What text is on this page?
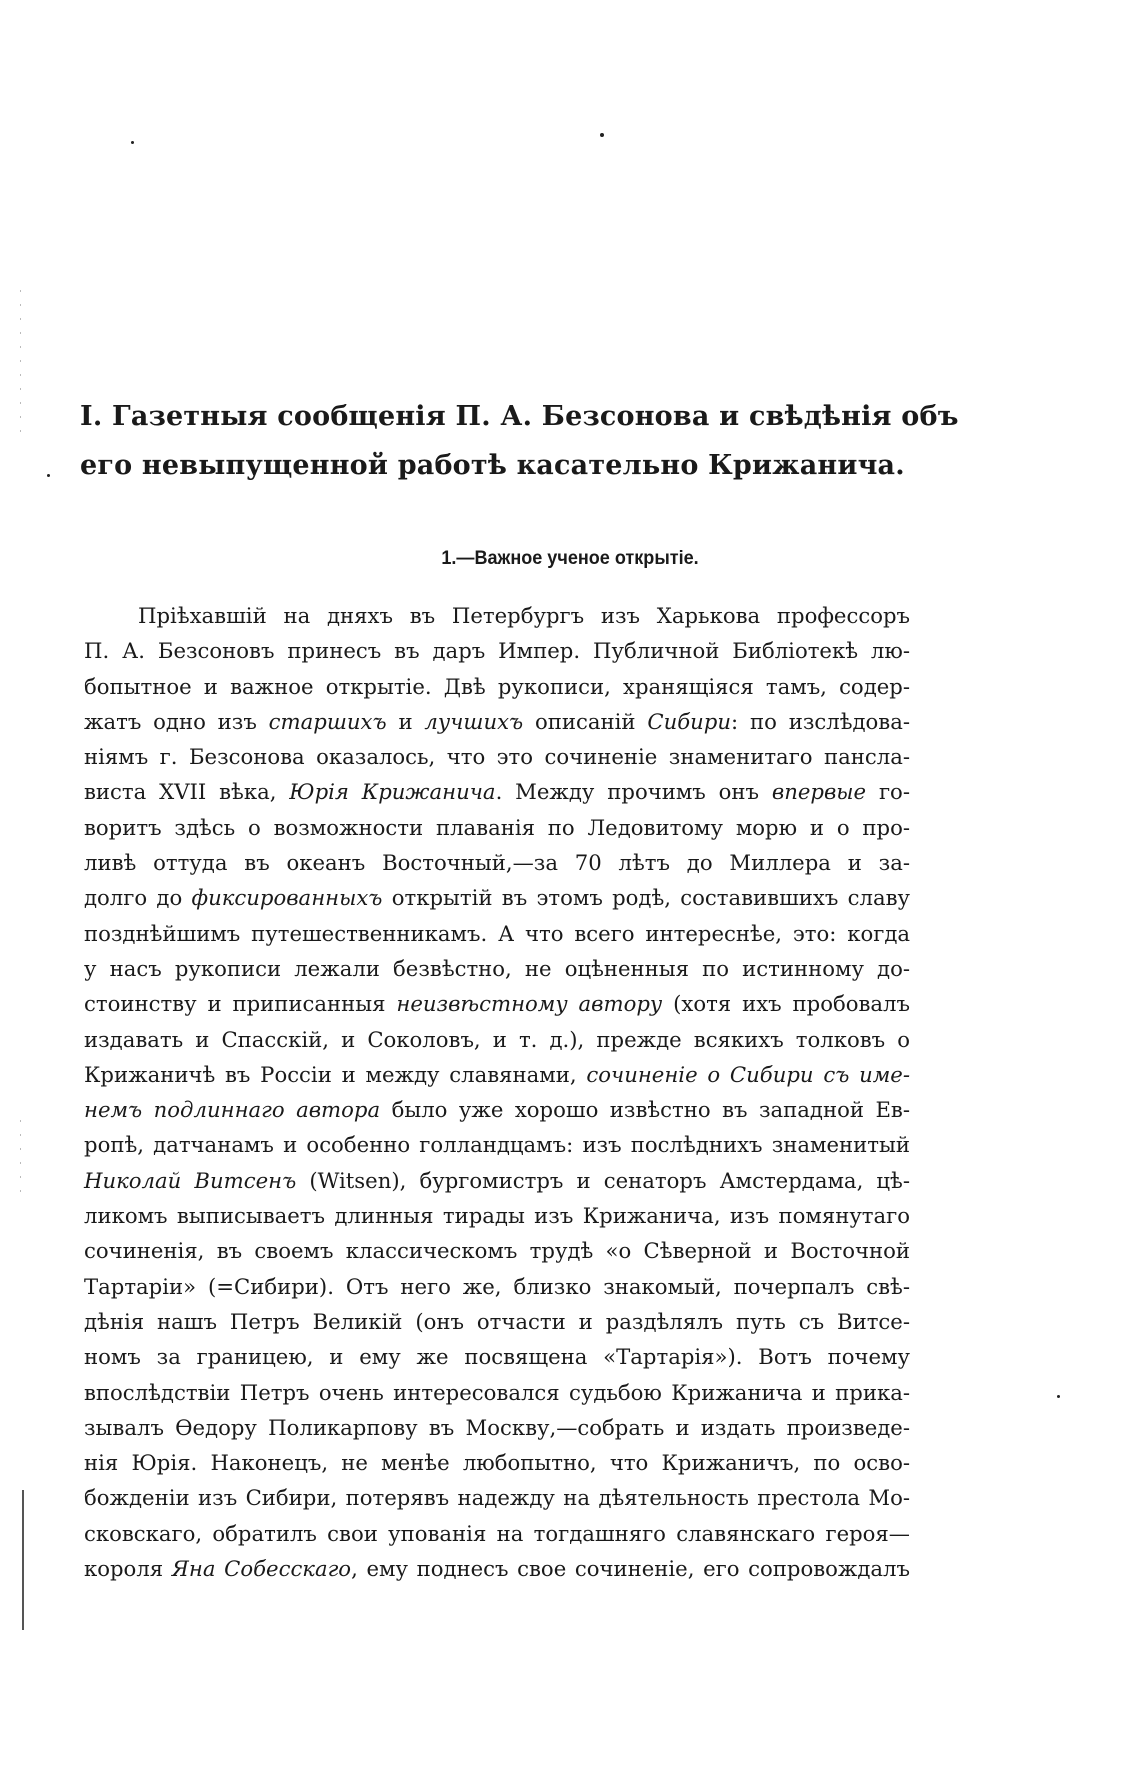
I. Газетныя сообщенія П. А. Безсонова и свѣдѣнія объ
его невыпущенной работѣ касательно Крижанича.
1.—Важное ученое открытіе.
Пріѣхавшій на дняхъ въ Петербургъ изъ Харькова профессоръ
П. А. Безсоновъ принесъ въ даръ Импер. Публичной Библіотекѣ лю-
бопытное и важное открытіе. Двѣ рукописи, хранящіяся тамъ, содер-
жатъ одно изъ старшихъ и лучшихъ описаній Сибири: по изслѣдова-
ніямъ г. Безсонова оказалось, что это сочиненіе знаменитаго пансла-
виста XVII вѣка, Юрія Крижанича. Между прочимъ онъ впервые го-
воритъ здѣсь о возможности плаванія по Ледовитому морю и о про-
ливѣ оттуда въ океанъ Восточный,—за 70 лѣтъ до Миллера и за-
долго до фиксированныхъ открытій въ этомъ родѣ, составившихъ славу
позднѣйшимъ путешественникамъ. А что всего интереснѣе, это: когда
у насъ рукописи лежали безвѣстно, не оцѣненныя по истинному до-
стоинству и приписанныя неизвѣстному автору (хотя ихъ пробовалъ
издавать и Спасскій, и Соколовъ, и т. д.), прежде всякихъ толковъ о
Крижаничѣ въ Россіи и между славянами, сочиненіе о Сибири съ име-
немъ подлиннаго автора было уже хорошо извѣстно въ западной Ев-
ропѣ, датчанамъ и особенно голландцамъ: изъ послѣднихъ знаменитый
Николай Витсенъ (Witsen), бургомистръ и сенаторъ Амстердама, цѣ-
ликомъ выписываетъ длинныя тирады изъ Крижанича, изъ помянутаго
сочиненія, въ своемъ классическомъ трудѣ «о Сѣверной и Восточной
Тартаріи» (=Сибири). Отъ него же, близко знакомый, почерпалъ свѣ-
дѣнія нашъ Петръ Великій (онъ отчасти и раздѣлялъ путь съ Витсе-
номъ за границею, и ему же посвящена «Тартарія»). Вотъ почему
впослѣдствіи Петръ очень интересовался судьбою Крижанича и прика-
зывалъ Ѳедору Поликарпову въ Москву,—собрать и издать произведе-
нія Юрія. Наконецъ, не менѣе любопытно, что Крижаничъ, по осво-
божденіи изъ Сибири, потерявъ надежду на дѣятельность престола Мо-
сковскаго, обратилъ свои упованія на тогдашняго славянскаго героя—
короля Яна Собесскаго, ему поднесъ свое сочиненіе, его сопровождалъ
